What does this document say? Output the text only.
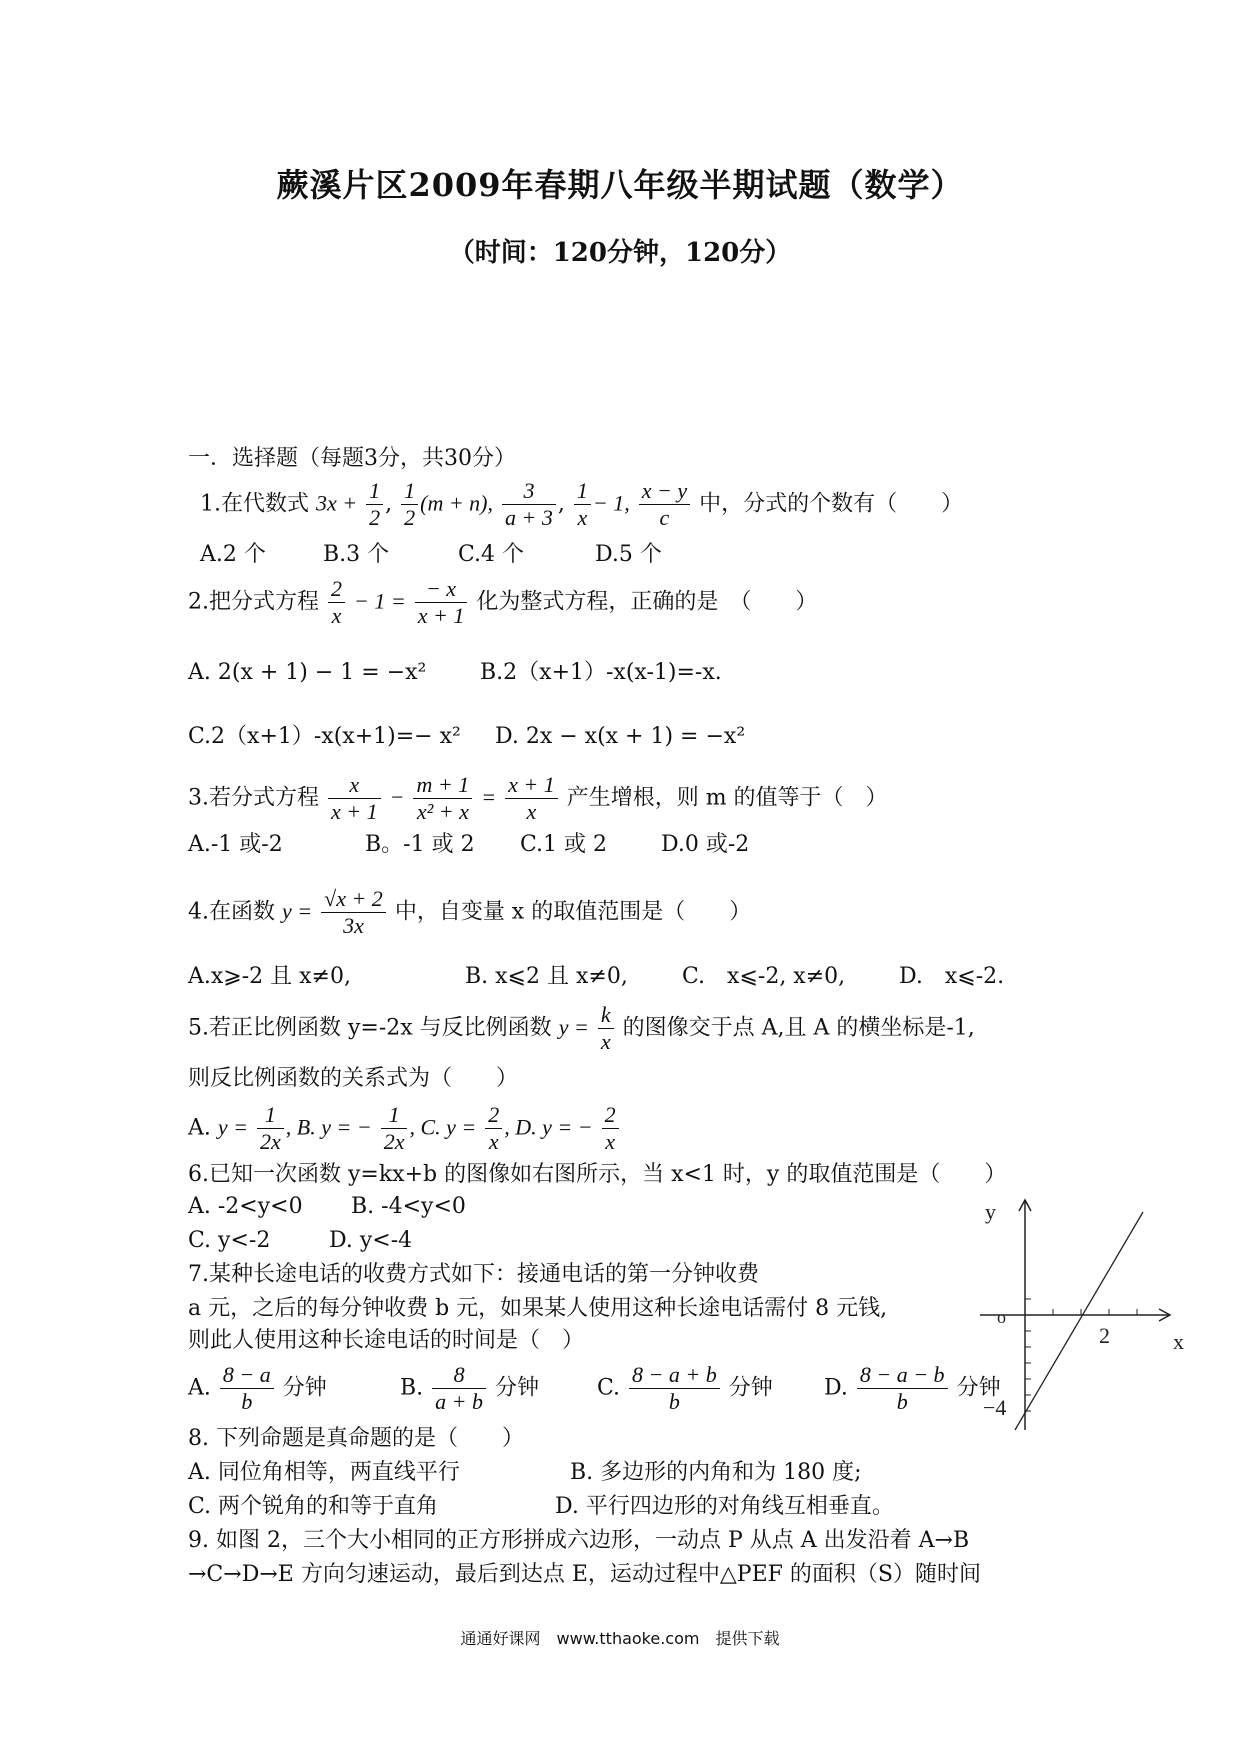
蕨溪片区2009年春期八年级半期试题（数学）
（时间：120分钟，120分）
一．选择题（每题3分，共30分）
1.在代数式 $3x + \frac{1}{2}$ , $\frac{1}{2} (m + n)$, $\frac{3}{a + 3}$ , $\frac{1}{x} - 1$, $\frac{x - y}{c}$ 中，分式的个数有（　　）
A.2 个	B.3 个	C.4 个	D.5 个
2.把分式方程 $\frac{2}{x} - 1 = \frac{- x}{x + 1}$ 化为整式方程，正确的是　（　　）
A. 2(x + 1) − 1 = −x² B.2（x+1）-x(x-1)=-x.
C.2（x+1）-x(x+1)=− x² D. 2x − x(x + 1) = −x²
3.若分式方程 $\frac{x}{x + 1} - \frac{m + 1}{\text{x² + x}} = \frac{x + 1}{x}$ 产生增根，则 m 的值等于（　）
A.-1 或-2	B。-1 或 2 C.1 或 2 D.0 或-2
4.在函数 $y = \frac{√x + 2}{3x}$ 中，自变量 x 的取值范围是（　　）
A.x⩾-2 且 x≠0,	B. x⩽2 且 x≠0, C.　x⩽-2, x≠0, D.　x⩽-2.
5.若正比例函数 y=-2x 与反比例函数 $y = \frac{k}{x}$ 的图像交于点 A,且 A 的横坐标是-1,
则反比例函数的关系式为（　　）
A. $y = \frac{1}{2x}$ , B. y = − $\frac{1}{2x}$ , C. $y = \frac{2}{x}$ , D. y = − $\frac{2}{x}$
6.已知一次函数 y=kx+b 的图像如右图所示，当 x<1 时，y 的取值范围是（　　）
A. -2<y<0 B. -4<y<0
C. y<-2	D. y<-4
7.某种长途电话的收费方式如下：接通电话的第一分钟收费
a 元，之后的每分钟收费 b 元，如果某人使用这种长途电话需付 8 元钱,
则此人使用这种长途电话的时间是（　）
A. $\frac{8 - a}{b}$ 分钟	B. $\frac{8}{a + b}$ 分钟	C. $\frac{8 - a + b}{b}$ 分钟 D. $\frac{8 - a - b}{b}$ 分钟
8. 下列命题是真命题的是（　　）
A. 同位角相等，两直线平行	B. 多边形的内角和为 180 度;
C. 两个锐角的和等于直角	D. 平行四边形的对角线互相垂直。
9. 如图 2，三个大小相同的正方形拼成六边形，一动点 P 从点 A 出发沿着 A→B
→C→D→E 方向匀速运动，最后到达点 E，运动过程中△PEF 的面积（S）随时间
y
x
o
2
−4
通通好课网　www.tthaoke.com　提供下载
